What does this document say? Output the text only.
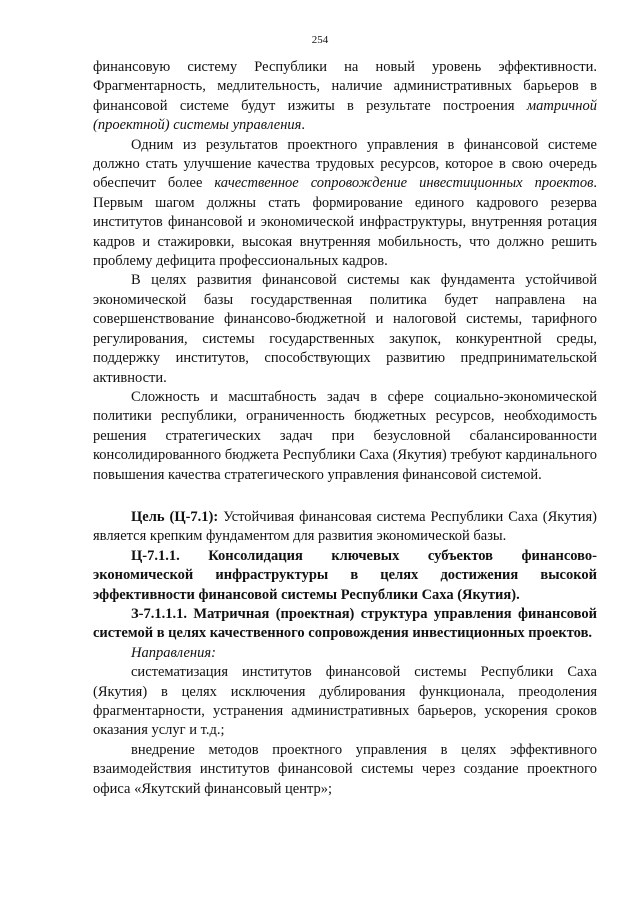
254

финансовую систему Республики на новый уровень эффективности. Фрагментарность, медлительность, наличие административных барьеров в финансовой системе будут изжиты в результате построения матричной (проектной) системы управления.

Одним из результатов проектного управления в финансовой системе должно стать улучшение качества трудовых ресурсов, которое в свою очередь обеспечит более качественное сопровождение инвестиционных проектов. Первым шагом должны стать формирование единого кадрового резерва институтов финансовой и экономической инфраструктуры, внутренняя ротация кадров и стажировки, высокая внутренняя мобильность, что должно решить проблему дефицита профессиональных кадров.

В целях развития финансовой системы как фундамента устойчивой экономической базы государственная политика будет направлена на совершенствование финансово-бюджетной и налоговой системы, тарифного регулирования, системы государственных закупок, конкурентной среды, поддержку институтов, способствующих развитию предпринимательской активности.

Сложность и масштабность задач в сфере социально-экономической политики республики, ограниченность бюджетных ресурсов, необходимость решения стратегических задач при безусловной сбалансированности консолидированного бюджета Республики Саха (Якутия) требуют кардинального повышения качества стратегического управления финансовой системой.

Цель (Ц-7.1): Устойчивая финансовая система Республики Саха (Якутия) является крепким фундаментом для развития экономической базы.

Ц-7.1.1. Консолидация ключевых субъектов финансово-экономической инфраструктуры в целях достижения высокой эффективности финансовой системы Республики Саха (Якутия).

З-7.1.1.1. Матричная (проектная) структура управления финансовой системой в целях качественного сопровождения инвестиционных проектов.

Направления:

систематизация институтов финансовой системы Республики Саха (Якутия) в целях исключения дублирования функционала, преодоления фрагментарности, устранения административных барьеров, ускорения сроков оказания услуг и т.д.;

внедрение методов проектного управления в целях эффективного взаимодействия институтов финансовой системы через создание проектного офиса «Якутский финансовый центр»;
